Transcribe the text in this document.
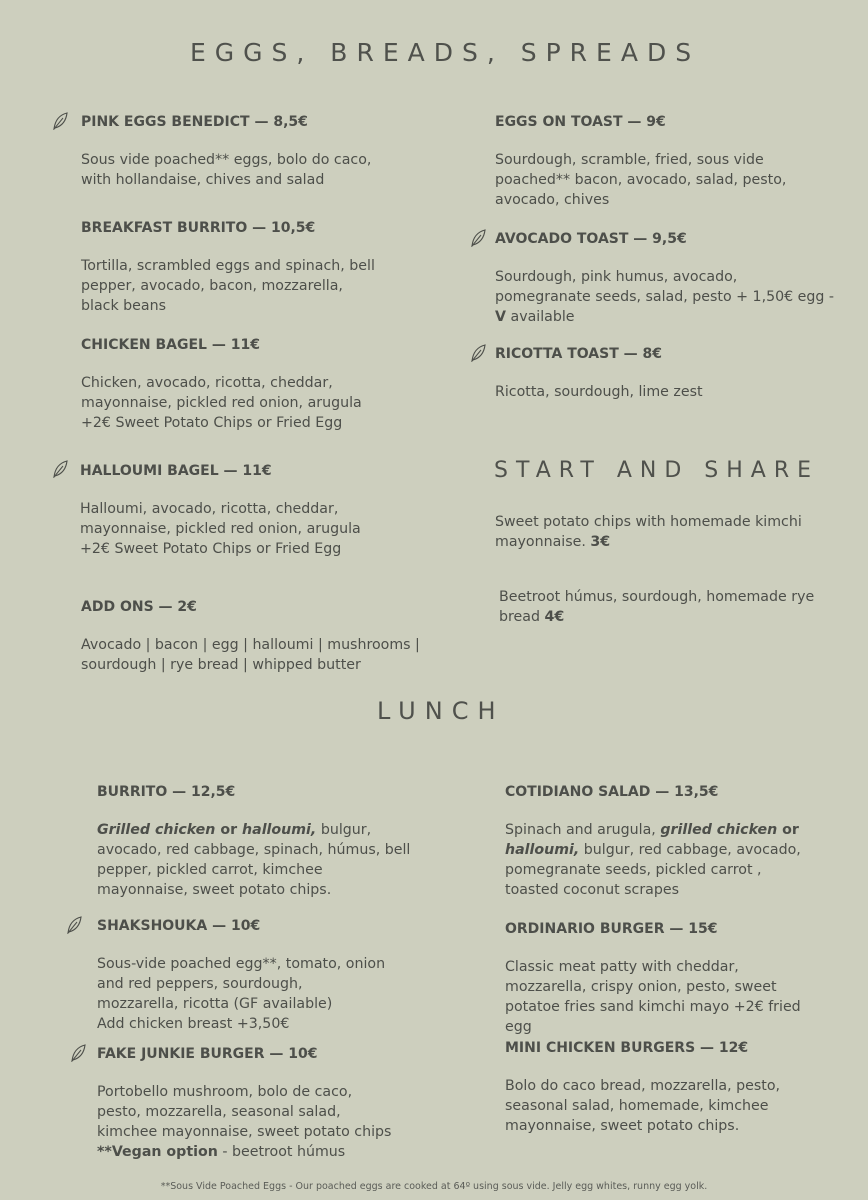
EGGS, BREADS, SPREADS
START AND SHARE
LUNCH
PINK EGGS BENEDICT — 8,5€
Sous vide poached** eggs, bolo do caco, with hollandaise, chives and salad
BREAKFAST BURRITO — 10,5€
Tortilla, scrambled eggs and spinach, bell pepper, avocado, bacon, mozzarella, black beans
CHICKEN BAGEL — 11€
Chicken, avocado, ricotta, cheddar, mayonnaise, pickled red onion, arugula +2€ Sweet Potato Chips or Fried Egg
HALLOUMI BAGEL — 11€
Halloumi, avocado, ricotta, cheddar, mayonnaise, pickled red onion, arugula +2€ Sweet Potato Chips or Fried Egg
ADD ONS — 2€
Avocado | bacon | egg | halloumi | mushrooms | sourdough | rye bread | whipped butter
EGGS ON TOAST — 9€
Sourdough, scramble, fried, sous vide poached** bacon, avocado, salad, pesto, avocado, chives
AVOCADO TOAST — 9,5€
Sourdough, pink humus, avocado, pomegranate seeds, salad, pesto + 1,50€ egg - V available
RICOTTA TOAST — 8€
Ricotta, sourdough, lime zest
Sweet potato chips with homemade kimchi mayonnaise. 3€
Beetroot húmus, sourdough, homemade rye bread 4€
BURRITO — 12,5€
Grilled chicken or halloumi, bulgur, avocado, red cabbage, spinach, húmus, bell pepper, pickled carrot, kimchee mayonnaise, sweet potato chips.
SHAKSHOUKA — 10€
Sous-vide poached egg**, tomato, onion and red peppers, sourdough, mozzarella, ricotta (GF available)
Add chicken breast +3,50€
FAKE JUNKIE BURGER — 10€
Portobello mushroom, bolo de caco, pesto, mozzarella, seasonal salad, kimchee mayonnaise, sweet potato chips **Vegan option - beetroot húmus
COTIDIANO SALAD — 13,5€
Spinach and arugula, grilled chicken or halloumi, bulgur, red cabbage, avocado, pomegranate seeds, pickled carrot , toasted coconut scrapes
ORDINARIO BURGER — 15€
Classic meat patty with cheddar, mozzarella, crispy onion, pesto, sweet potatoe fries sand kimchi mayo +2€ fried egg
MINI CHICKEN BURGERS — 12€
Bolo do caco bread, mozzarella, pesto, seasonal salad, homemade, kimchee mayonnaise, sweet potato chips.
**Sous Vide Poached Eggs - Our poached eggs are cooked at 64º using sous vide. Jelly egg whites, runny egg yolk.
